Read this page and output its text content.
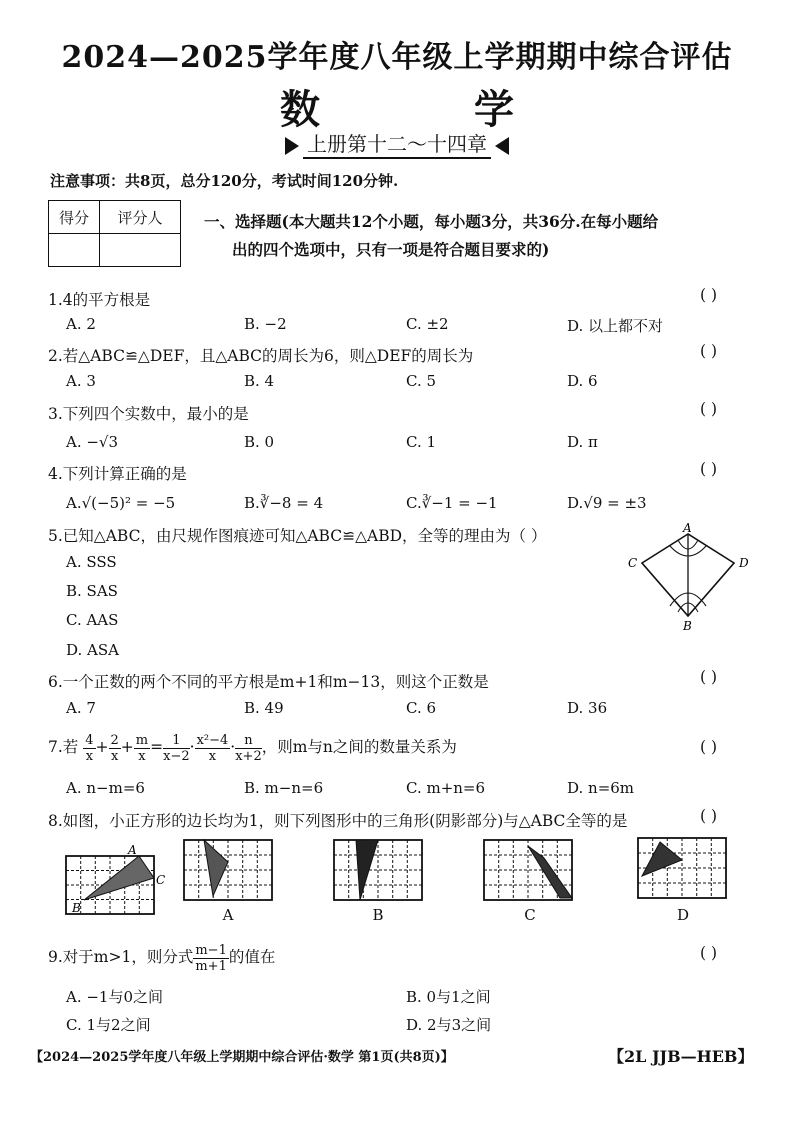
2024—2025学年度八年级上学期期中综合评估
数 学
上册第十二～十四章
注意事项：共8页，总分120分，考试时间120分钟.
得分	评分人
		一、选择题(本大题共12个小题，每小题3分，共36分.在每小题给
出的四个选项中，只有一项是符合题目要求的)
1.4的平方根是	( )
A. 2	B. −2	C. ±2	D. 以上都不对
2.若△ABC≌△DEF，且△ABC的周长为6，则△DEF的周长为	( )
A. 3	B. 4	C. 5	D. 6
3.下列四个实数中，最小的是	( )
A. −√3	B. 0	C. 1	D. π
4.下列计算正确的是	( )
A.√(−5)² = −5	B.∛−8 = 4	C.∛−1 = −1	D.√9 = ±3
5.已知△ABC，由尺规作图痕迹可知△ABC≌△ABD，全等的理由为（ ）
A. SSS
B. SAS
C. AAS
D. ASA
A
C	D
B
6.一个正数的两个不同的平方根是m+1和m−13，则这个正数是	( )
A. 7	B. 49	C. 6	D. 36
7.若 $\frac{4}{x} + \frac{2}{x} + \frac{m}{x} = \frac{1}{x-2} \cdot \frac{\text{x²−4}}{x} \cdot \frac{n}{x+2}$ ，则m与n之间的数量关系为	( )
A. n−m=6	B. m−n=6	C. m+n=6	D. n=6m
8.如图，小正方形的边长均为1，则下列图形中的三角形(阴影部分)与△ABC全等的是	( )
A
C
B	A	B	C	D
9.对于m>1，则分式 $\frac{m-1}{m+1}$ 的值在	( )
A. −1与0之间	B. 0与1之间
C. 1与2之间	D. 2与3之间
【2024—2025学年度八年级上学期期中综合评估·数学 第1页(共8页)】	【2L JJB—HEB】
